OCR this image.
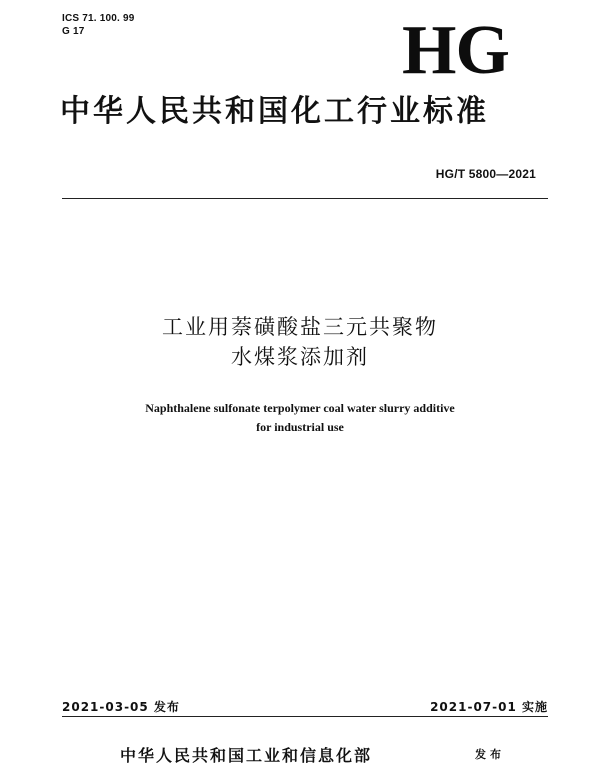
ICS 71. 100. 99
G 17	HG
中华人民共和国化工行业标准
HG/T 5800—2021
工业用萘磺酸盐三元共聚物
水煤浆添加剂
Naphthalene sulfonate terpolymer coal water slurry additive
for industrial use
2021-03-05 发布	2021-07-01 实施
中华人民共和国工业和信息化部	发布
